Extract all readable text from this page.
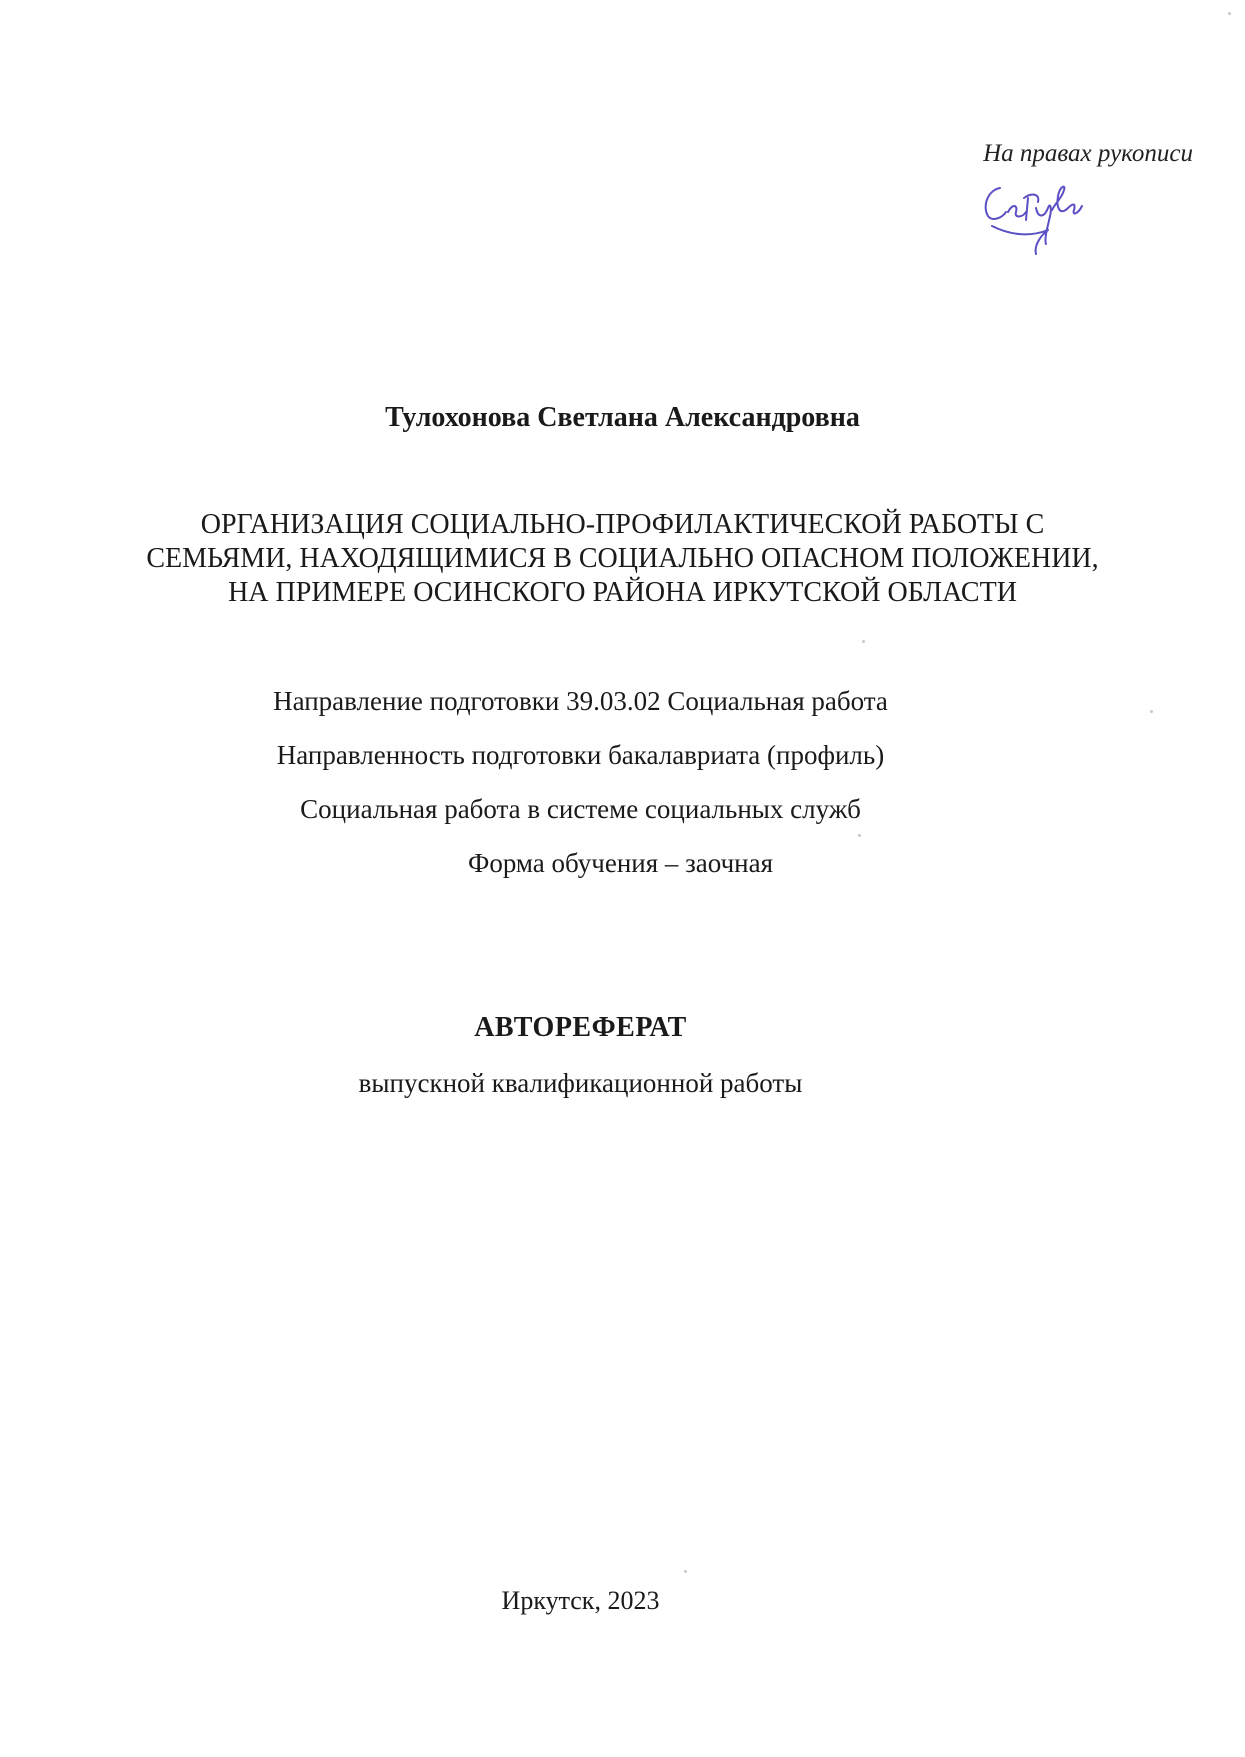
На правах рукописи
Тулохонова Светлана Александровна
ОРГАНИЗАЦИЯ СОЦИАЛЬНО-ПРОФИЛАКТИЧЕСКОЙ РАБОТЫ С
СЕМЬЯМИ, НАХОДЯЩИМИСЯ В СОЦИАЛЬНО ОПАСНОМ ПОЛОЖЕНИИ,
НА ПРИМЕРЕ ОСИНСКОГО РАЙОНА ИРКУТСКОЙ ОБЛАСТИ
Направление подготовки 39.03.02 Социальная работа
Направленность подготовки бакалавриата (профиль)
Социальная работа в системе социальных служб
Форма обучения – заочная
АВТОРЕФЕРАТ
выпускной квалификационной работы
Иркутск, 2023
